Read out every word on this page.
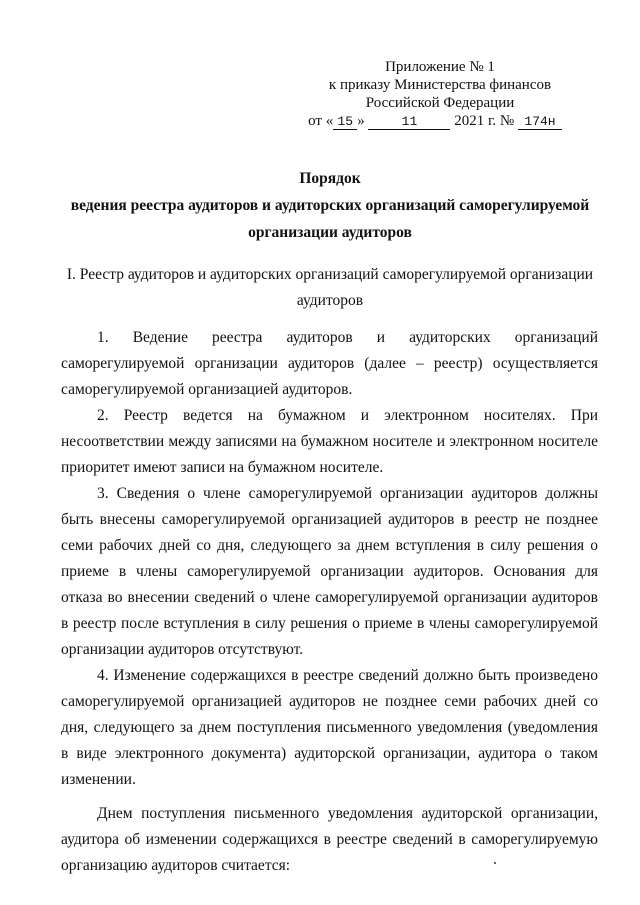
Приложение № 1
к приказу Министерства финансов
Российской Федерации
от « 15 »	11	2021 г. № 174н
Порядок
ведения реестра аудиторов и аудиторских организаций саморегулируемой
организации аудиторов
I. Реестр аудиторов и аудиторских организаций саморегулируемой организации аудиторов

1. Ведение реестра аудиторов и аудиторских организаций саморегулируемой организации аудиторов (далее – реестр) осуществляется саморегулируемой организацией аудиторов.

2. Реестр ведется на бумажном и электронном носителях. При несоответствии между записями на бумажном носителе и электронном носителе приоритет имеют записи на бумажном носителе.

3. Сведения о члене саморегулируемой организации аудиторов должны быть внесены саморегулируемой организацией аудиторов в реестр не позднее семи рабочих дней со дня, следующего за днем вступления в силу решения о приеме в члены саморегулируемой организации аудиторов. Основания для отказа во внесении сведений о члене саморегулируемой организации аудиторов в реестр после вступления в силу решения о приеме в члены саморегулируемой организации аудиторов отсутствуют.

4. Изменение содержащихся в реестре сведений должно быть произведено саморегулируемой организацией аудиторов не позднее семи рабочих дней со дня, следующего за днем поступления письменного уведомления (уведомления в виде электронного документа) аудиторской организации, аудитора о таком изменении.

Днем поступления письменного уведомления аудиторской организации, аудитора об изменении содержащихся в реестре сведений в саморегулируемую организацию аудиторов считается:
